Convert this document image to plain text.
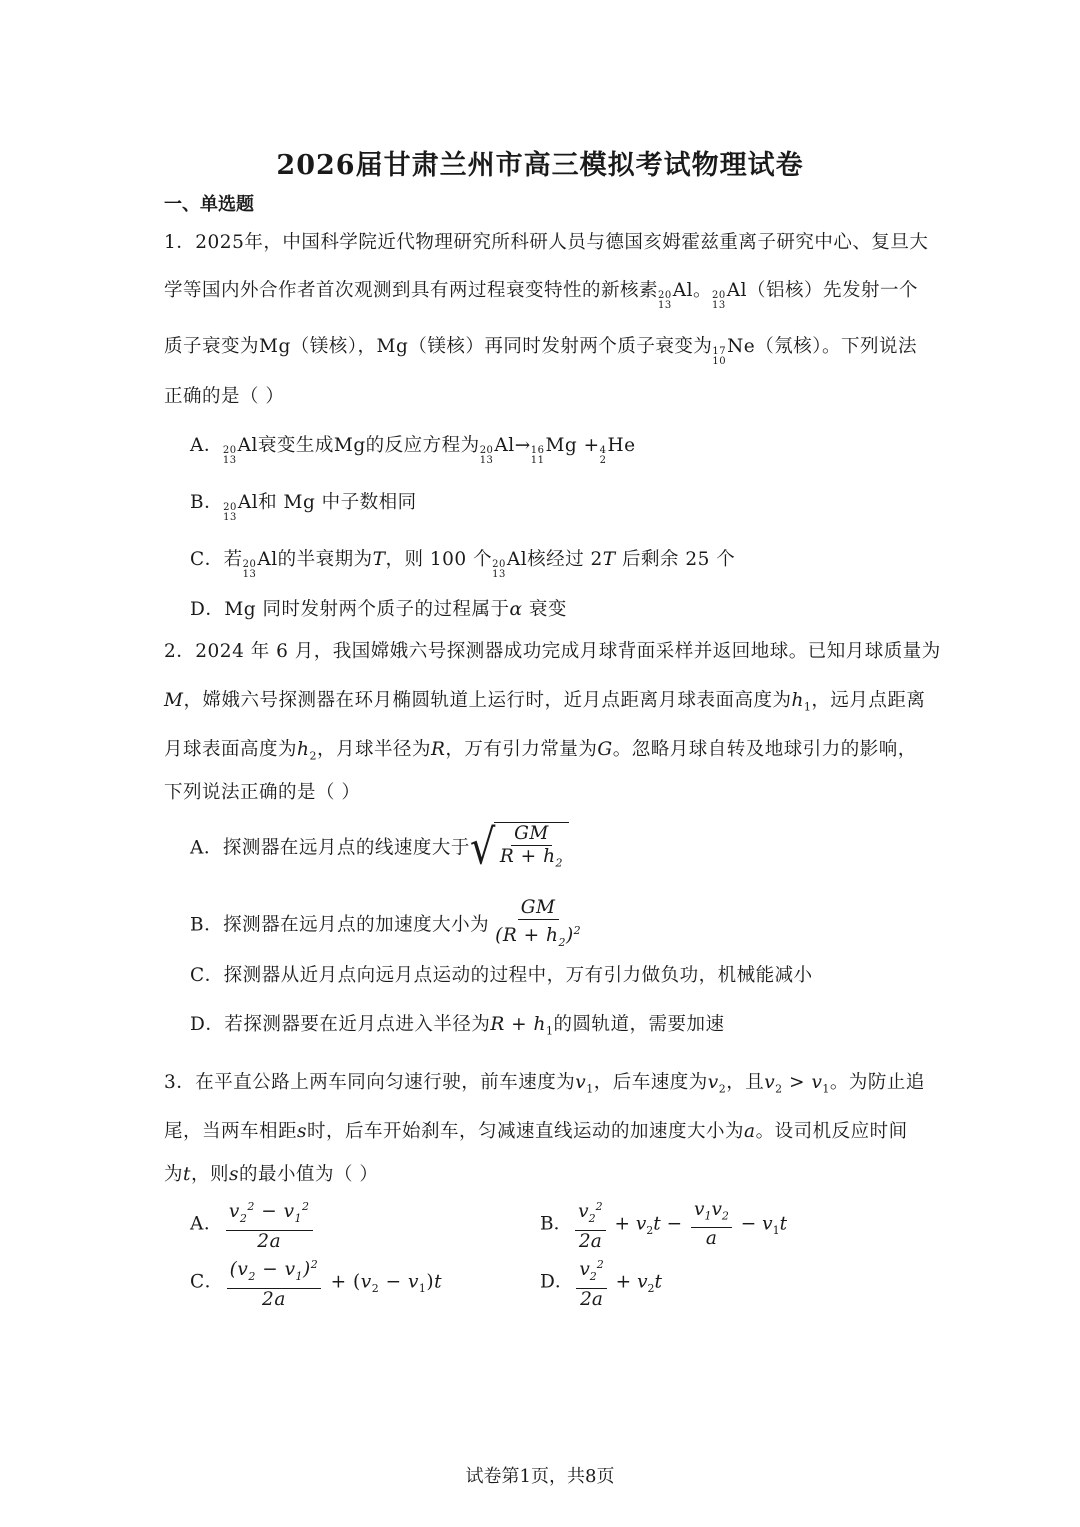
2026届甘肃兰州市高三模拟考试物理试卷
一、单选题
1．2025年，中国科学院近代物理研究所科研人员与德国亥姆霍兹重离子研究中心、复旦大
学等国内外合作者首次观测到具有两过程衰变特性的新核素 20
13
Al。 20
13
Al（铝核）先发射一个
质子衰变为Mg（镁核），Mg（镁核）再同时发射两个质子衰变为 17
10
Ne（氖核）。下列说法
正确的是（ ）
A． 20
13
Al衰变生成Mg的反应方程为 20
13
Al→ 16
11
Mg + 4
2
He
B． 20
13
Al和 Mg 中子数相同
C．若 20
13
Al的半衰期为T，则 100 个 20
13
Al核经过 2T 后剩余 25 个
D．Mg 同时发射两个质子的过程属于α 衰变
2．2024 年 6 月，我国嫦娥六号探测器成功完成月球背面采样并返回地球。已知月球质量为
M，嫦娥六号探测器在环月椭圆轨道上运行时，近月点距离月球表面高度为$h_1$，远月点距离
月球表面高度为$h_2$，月球半径为R，万有引力常量为G。忽略月球自转及地球引力的影响，
下列说法正确的是（ ）
A．探测器在远月点的线速度大于 √ $\frac{GM}{R + h_2}$
B．探测器在远月点的加速度大小为 $\frac{GM}{(R + h_2)^2}$
C．探测器从近月点向远月点运动的过程中，万有引力做负功，机械能减小
D．若探测器要在近月点进入半径为$R + h_1$的圆轨道，需要加速
3．在平直公路上两车同向匀速行驶，前车速度为$v_1$，后车速度为$v_2$，且$v_2 > v_1$。为防止追
尾，当两车相距s时，后车开始刹车，匀减速直线运动的加速度大小为a。设司机反应时间
为t，则s的最小值为（ ）
A． $\frac{v_2^2 - v_1^2}{2a}$	B． $\frac{v_2^2}{2a} + v_2t - \frac{v_1v_2}{a} - v_1t$
C． $\frac{(v_2 - v_1)^2}{2a} + (v_2 - v_1)t$	D． $\frac{v_2^2}{2a} + v_2t$
试卷第1页，共8页
